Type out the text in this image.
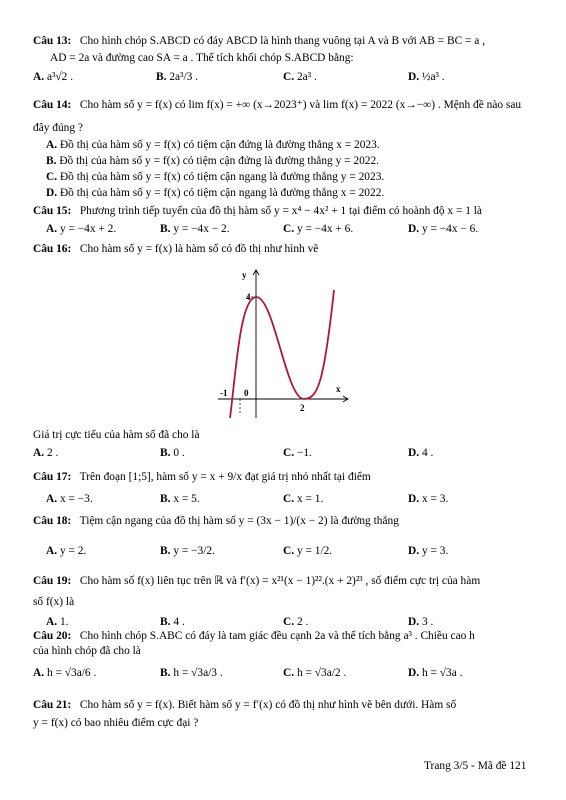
Câu 13: Cho hình chóp S.ABCD có đáy ABCD là hình thang vuông tại A và B với AB = BC = a ,
AD = 2a và đường cao SA = a . Thể tích khối chóp S.ABCD bằng:
A. a³√2 .	B. 2a³/3 .	C. 2a³ .	D. ½a³ .
Câu 14: Cho hàm số y = f(x) có lim f(x) = +∞ (x→2023⁺) và lim f(x) = 2022 (x→−∞) . Mệnh đề nào sau
đây đúng ?
A. Đồ thị của hàm số y = f(x) có tiệm cận đứng là đường thẳng x = 2023.
B. Đồ thị của hàm số y = f(x) có tiệm cận đứng là đường thẳng y = 2022.
C. Đồ thị của hàm số y = f(x) có tiệm cận ngang là đường thẳng y = 2023.
D. Đồ thị của hàm số y = f(x) có tiệm cận ngang là đường thẳng x = 2022.
Câu 15: Phương trình tiếp tuyến của đồ thị hàm số y = x⁴ − 4x² + 1 tại điểm có hoành độ x = 1 là
A. y = −4x + 2.	B. y = −4x − 2.	C. y = −4x + 6.	D. y = −4x − 6.
Câu 16: Cho hàm số y = f(x) là hàm số có đồ thị như hình vẽ
y
x
4
-1 0
2
Giá trị cực tiểu của hàm số đã cho là
A. 2 .	B. 0 .	C. −1.	D. 4 .
Câu 17: Trên đoạn [1;5], hàm số y = x + 9/x đạt giá trị nhỏ nhất tại điểm
A. x = −3.	B. x = 5.	C. x = 1.	D. x = 3.
Câu 18: Tiệm cận ngang của đồ thị hàm số y = (3x − 1)/(x − 2) là đường thẳng
A. y = 2.	B. y = −3/2.	C. y = 1/2.	D. y = 3.
Câu 19: Cho hàm số f(x) liên tục trên ℝ và f′(x) = x²¹(x − 1)²².(x + 2)²³ , số điểm cực trị của hàm
số f(x) là
A. 1.	B. 4 .	C. 2 .	D. 3 .
Câu 20: Cho hình chóp S.ABC có đáy là tam giác đều cạnh 2a và thể tích bằng a³ . Chiều cao h
của hình chóp đã cho là
A. h = √3a/6 .	B. h = √3a/3 .	C. h = √3a/2 .	D. h = √3a .
Câu 21: Cho hàm số y = f(x). Biết hàm số y = f′(x) có đồ thị như hình vẽ bên dưới. Hàm số
y = f(x) có bao nhiêu điểm cực đại ?
Trang 3/5 - Mã đề 121
